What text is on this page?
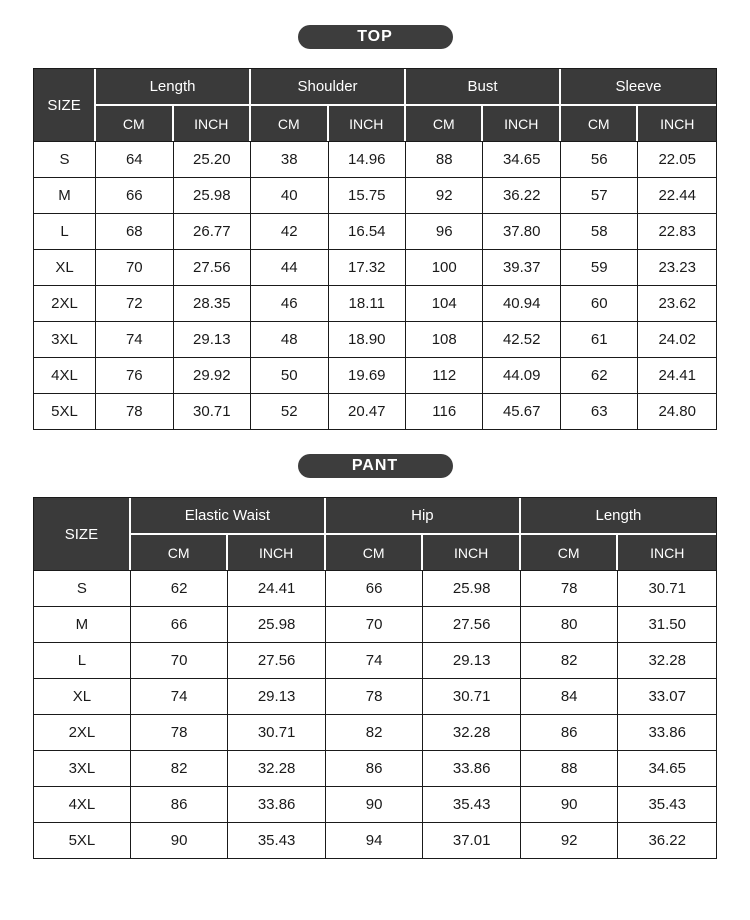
TOP
SIZE	Length		Shoulder		Bust		Sleeve	
	CM	INCH	CM	INCH	CM	INCH	CM	INCH
S	64	25.20	38	14.96	88	34.65	56	22.05
M	66	25.98	40	15.75	92	36.22	57	22.44
L	68	26.77	42	16.54	96	37.80	58	22.83
XL	70	27.56	44	17.32	100	39.37	59	23.23
2XL	72	28.35	46	18.11	104	40.94	60	23.62
3XL	74	29.13	48	18.90	108	42.52	61	24.02
4XL	76	29.92	50	19.69	112	44.09	62	24.41
5XL	78	30.71	52	20.47	116	45.67	63	24.80
PANT
SIZE	Elastic Waist		Hip		Length	
	CM	INCH	CM	INCH	CM	INCH
S	62	24.41	66	25.98	78	30.71
M	66	25.98	70	27.56	80	31.50
L	70	27.56	74	29.13	82	32.28
XL	74	29.13	78	30.71	84	33.07
2XL	78	30.71	82	32.28	86	33.86
3XL	82	32.28	86	33.86	88	34.65
4XL	86	33.86	90	35.43	90	35.43
5XL	90	35.43	94	37.01	92	36.22
